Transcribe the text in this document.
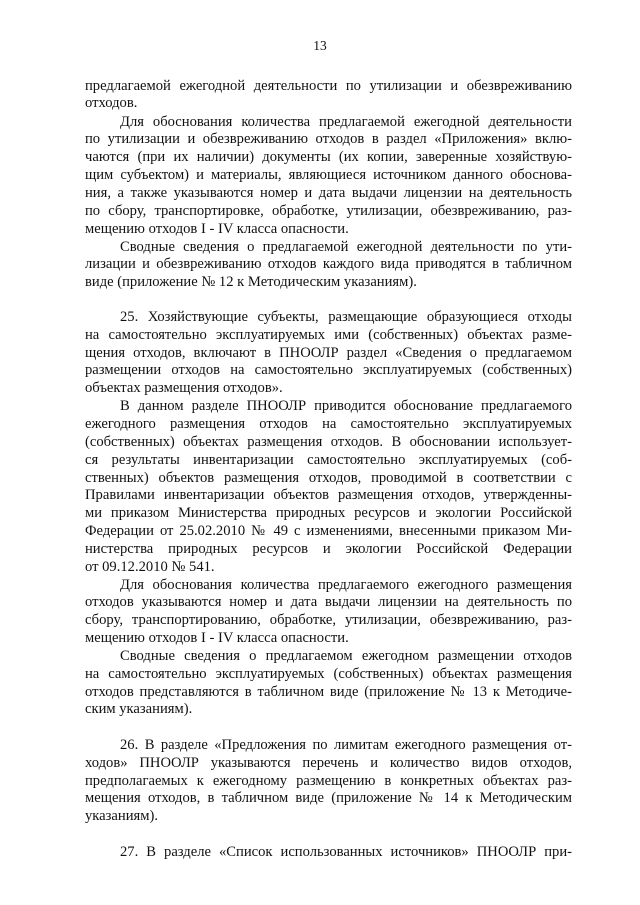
13
предлагаемой ежегодной деятельности по утилизации и обезвреживанию
отходов.
Для обоснования количества предлагаемой ежегодной деятельности
по утилизации и обезвреживанию отходов в раздел «Приложения» вклю-
чаются (при их наличии) документы (их копии, заверенные хозяйствую-
щим субъектом) и материалы, являющиеся источником данного обоснова-
ния, а также указываются номер и дата выдачи лицензии на деятельность
по сбору, транспортировке, обработке, утилизации, обезвреживанию, раз-
мещению отходов I - IV класса опасности.
Сводные сведения о предлагаемой ежегодной деятельности по ути-
лизации и обезвреживанию отходов каждого вида приводятся в табличном
виде (приложение № 12 к Методическим указаниям).
25. Хозяйствующие субъекты, размещающие образующиеся отходы
на самостоятельно эксплуатируемых ими (собственных) объектах разме-
щения отходов, включают в ПНООЛР раздел «Сведения о предлагаемом
размещении отходов на самостоятельно эксплуатируемых (собственных)
объектах размещения отходов».
В данном разделе ПНООЛР приводится обоснование предлагаемого
ежегодного размещения отходов на самостоятельно эксплуатируемых
(собственных) объектах размещения отходов. В обосновании использует-
ся результаты инвентаризации самостоятельно эксплуатируемых (соб-
ственных) объектов размещения отходов, проводимой в соответствии с
Правилами инвентаризации объектов размещения отходов, утвержденны-
ми приказом Министерства природных ресурсов и экологии Российской
Федерации от 25.02.2010 № 49 с изменениями, внесенными приказом Ми-
нистерства природных ресурсов и экологии Российской Федерации
от 09.12.2010 № 541.
Для обоснования количества предлагаемого ежегодного размещения
отходов указываются номер и дата выдачи лицензии на деятельность по
сбору, транспортированию, обработке, утилизации, обезвреживанию, раз-
мещению отходов I - IV класса опасности.
Сводные сведения о предлагаемом ежегодном размещении отходов
на самостоятельно эксплуатируемых (собственных) объектах размещения
отходов представляются в табличном виде (приложение № 13 к Методиче-
ским указаниям).
26. В разделе «Предложения по лимитам ежегодного размещения от-
ходов» ПНООЛР указываются перечень и количество видов отходов,
предполагаемых к ежегодному размещению в конкретных объектах раз-
мещения отходов, в табличном виде (приложение № 14 к Методическим
указаниям).
27. В разделе «Список использованных источников» ПНООЛР при-
